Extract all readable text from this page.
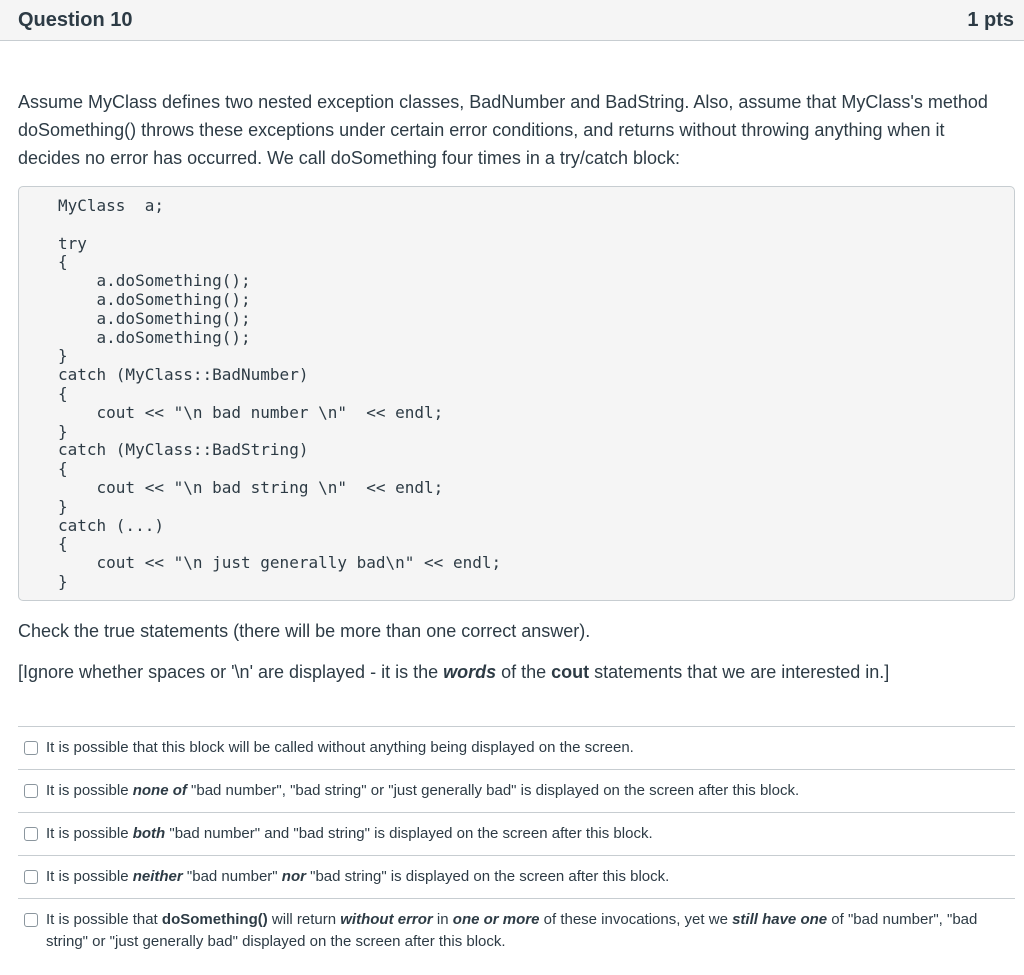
Question 10	1 pts

Assume MyClass defines two nested exception classes, BadNumber and BadString. Also, assume that MyClass's method doSomething() throws these exceptions under certain error conditions, and returns without throwing anything when it decides no error has occurred. We call doSomething four times in a try/catch block:

MyClass  a;

try
{
a.doSomething();
a.doSomething();
a.doSomething();
a.doSomething();
}
catch (MyClass::BadNumber)
{
cout << "\n bad number \n"  << endl;
}
catch (MyClass::BadString)
{
cout << "\n bad string \n"  << endl;
}
catch (...)
{
cout << "\n just generally bad\n" << endl;
}

Check the true statements (there will be more than one correct answer).

[Ignore whether spaces or '\n' are displayed - it is the words of the cout statements that we are interested in.]

It is possible that this block will be called without anything being displayed on the screen.
It is possible none of "bad number", "bad string" or "just generally bad" is displayed on the screen after this block.
It is possible both "bad number" and "bad string" is displayed on the screen after this block.
It is possible neither "bad number" nor "bad string" is displayed on the screen after this block.
It is possible that doSomething() will return without error in one or more of these invocations, yet we still have one of "bad number", "bad string" or "just generally bad" displayed on the screen after this block.
